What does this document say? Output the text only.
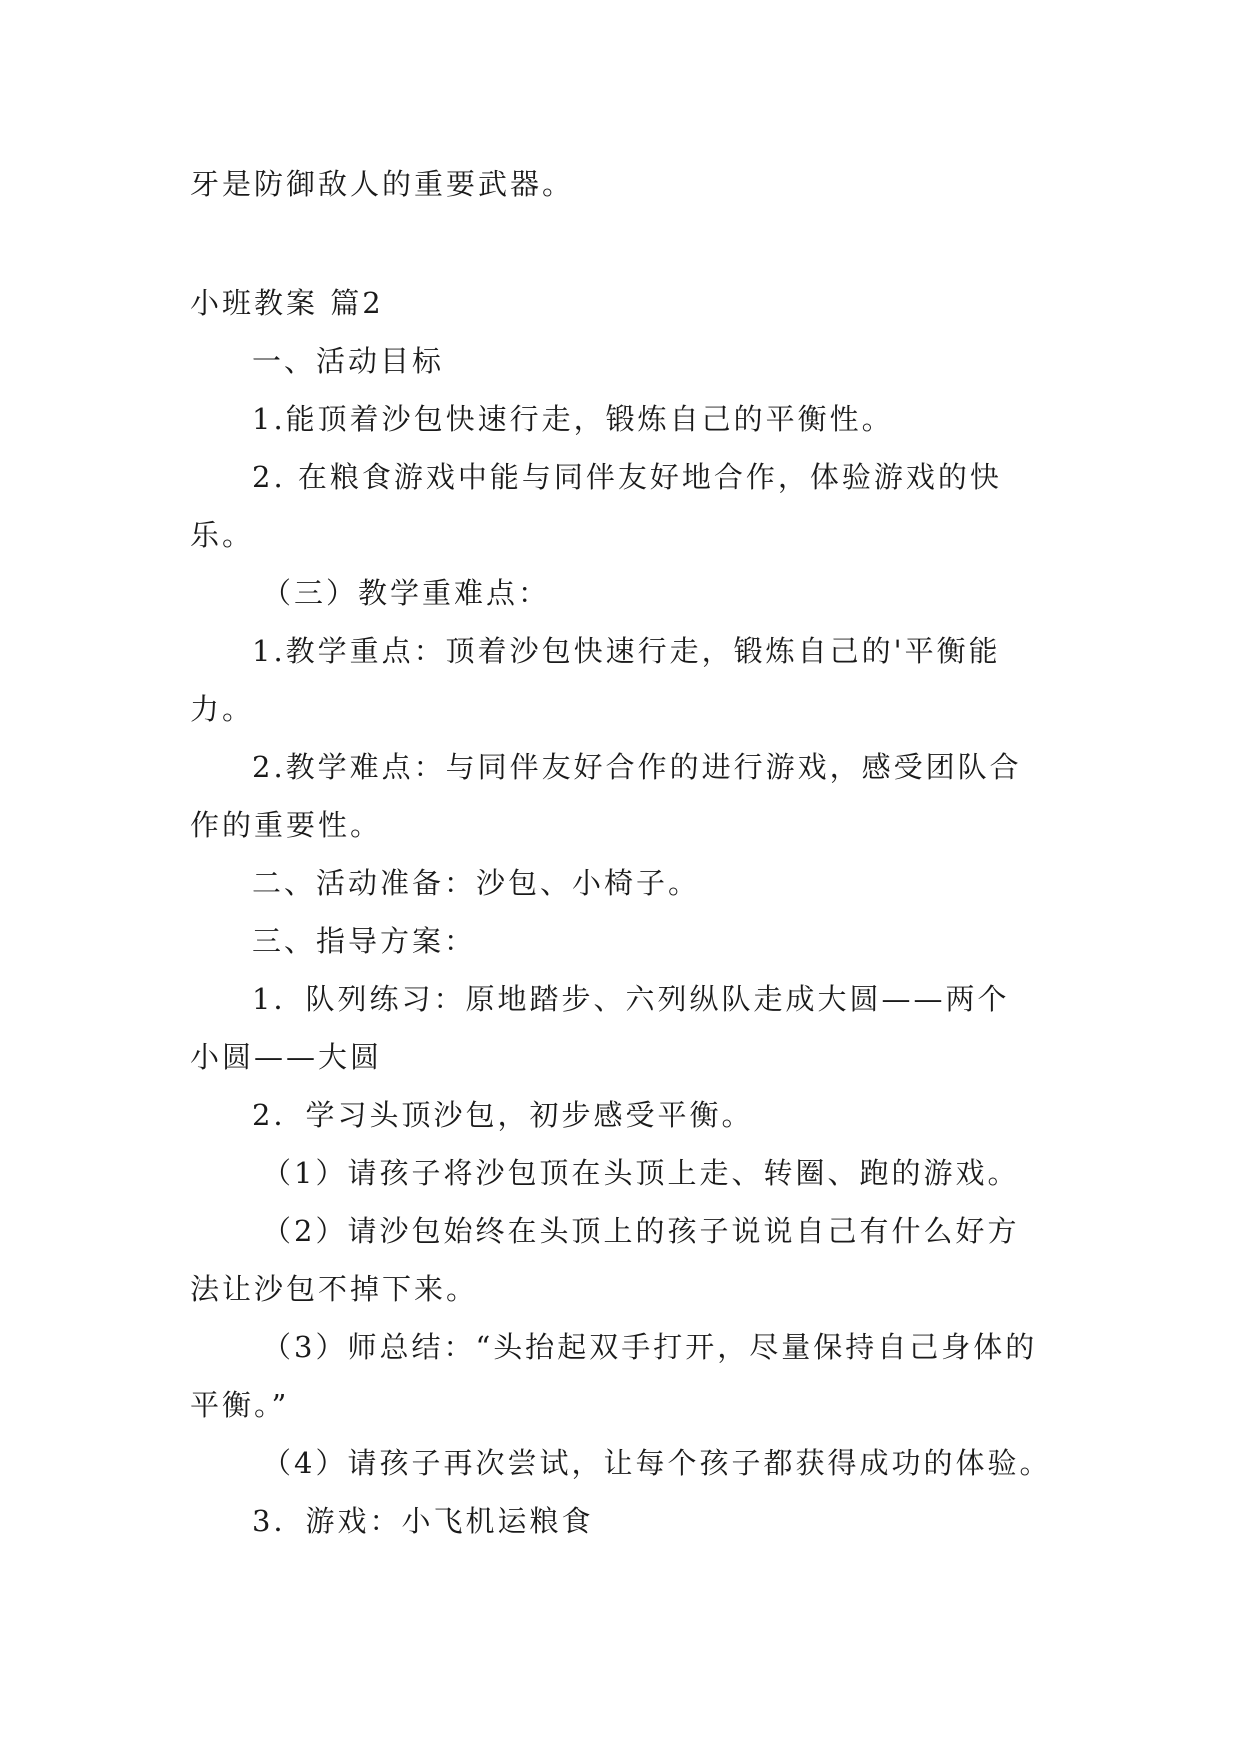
牙是防御敌人的重要武器。
小班教案 篇2
一、活动目标
1.能顶着沙包快速行走，锻炼自己的平衡性。
2. 在粮食游戏中能与同伴友好地合作，体验游戏的快
乐。
（三）教学重难点：
1.教学重点：顶着沙包快速行走，锻炼自己的'平衡能
力。
2.教学难点：与同伴友好合作的进行游戏，感受团队合
作的重要性。
二、活动准备：沙包、小椅子。
三、指导方案：
1．队列练习：原地踏步、六列纵队走成大圆——两个
小圆——大圆
2．学习头顶沙包，初步感受平衡。
（1）请孩子将沙包顶在头顶上走、转圈、跑的游戏。
（2）请沙包始终在头顶上的孩子说说自己有什么好方
法让沙包不掉下来。
（3）师总结：“头抬起双手打开，尽量保持自己身体的
平衡。”
（4）请孩子再次尝试，让每个孩子都获得成功的体验。
3．游戏：小飞机运粮食
